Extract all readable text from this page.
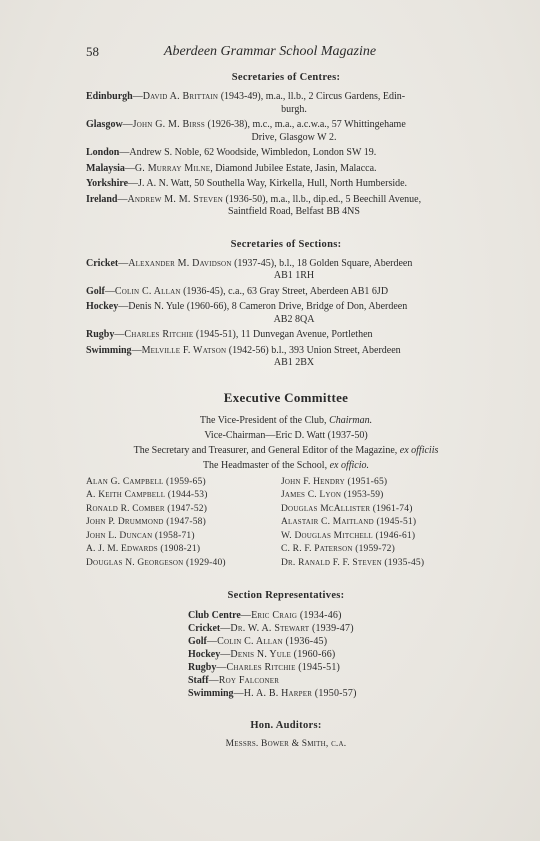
58	Aberdeen Grammar School Magazine
Secretaries of Centres:
Edinburgh—David A. Brittain (1943-49), m.a., ll.b., 2 Circus Gardens, Edin-
burgh.
Glasgow—John G. M. Birss (1926-38), m.c., m.a., a.c.w.a., 57 Whittingehame
Drive, Glasgow W 2.
London—Andrew S. Noble, 62 Woodside, Wimbledon, London SW 19.
Malaysia—G. Murray Milne, Diamond Jubilee Estate, Jasin, Malacca.
Yorkshire—J. A. N. Watt, 50 Southella Way, Kirkella, Hull, North Humberside.
Ireland—Andrew M. M. Steven (1936-50), m.a., ll.b., dip.ed., 5 Beechill Avenue,
Saintfield Road, Belfast BB 4NS
Secretaries of Sections:
Cricket—Alexander M. Davidson (1937-45), b.l., 18 Golden Square, Aberdeen
AB1 1RH
Golf—Colin C. Allan (1936-45), c.a., 63 Gray Street, Aberdeen AB1 6JD
Hockey—Denis N. Yule (1960-66), 8 Cameron Drive, Bridge of Don, Aberdeen
AB2 8QA
Rugby—Charles Ritchie (1945-51), 11 Dunvegan Avenue, Portlethen
Swimming—Melville F. Watson (1942-56) b.l., 393 Union Street, Aberdeen
AB1 2BX
Executive Committee
The Vice-President of the Club, Chairman.
Vice-Chairman—Eric D. Watt (1937-50)
The Secretary and Treasurer, and General Editor of the Magazine, ex officiis
The Headmaster of the School, ex officio.
Alan G. Campbell (1959-65)
A. Keith Campbell (1944-53)
Ronald R. Comber (1947-52)
John P. Drummond (1947-58)
John L. Duncan (1958-71)
A. J. M. Edwards (1908-21)
Douglas N. Georgeson (1929-40)
John F. Hendry (1951-65)
James C. Lyon (1953-59)
Douglas McAllister (1961-74)
Alastair C. Maitland (1945-51)
W. Douglas Mitchell (1946-61)
C. R. F. Paterson (1959-72)
Dr. Ranald F. F. Steven (1935-45)
Section Representatives:
Club Centre—Eric Craig (1934-46)
Cricket—Dr. W. A. Stewart (1939-47)
Golf—Colin C. Allan (1936-45)
Hockey—Denis N. Yule (1960-66)
Rugby—Charles Ritchie (1945-51)
Staff—Roy Falconer
Swimming—H. A. B. Harper (1950-57)
Hon. Auditors:
Messrs. Bower & Smith, c.a.
